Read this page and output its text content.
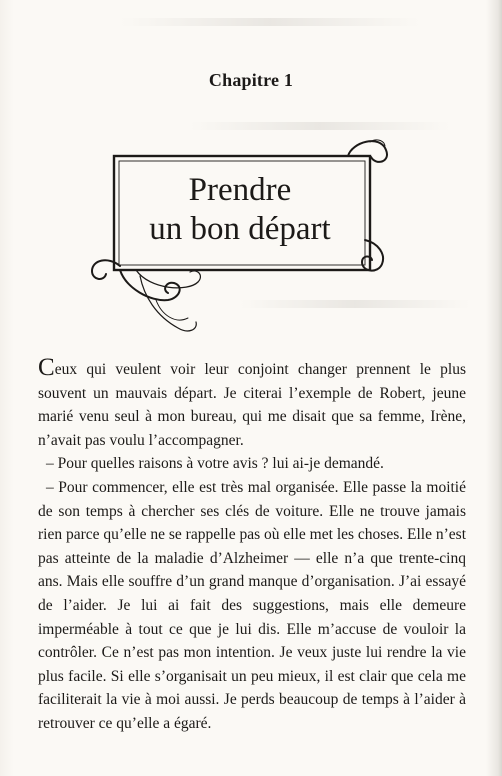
Chapitre 1
Prendre
un bon départ

Ceux qui veulent voir leur conjoint changer prennent le plus souvent un mauvais départ. Je citerai l’exemple de Robert, jeune marié venu seul à mon bureau, qui me disait que sa femme, Irène, n’avait pas voulu l’accompagner.

– Pour quelles raisons à votre avis ? lui ai-je demandé.

– Pour commencer, elle est très mal organisée. Elle passe la moitié de son temps à chercher ses clés de voiture. Elle ne trouve jamais rien parce qu’elle ne se rappelle pas où elle met les choses. Elle n’est pas atteinte de la maladie d’Alzheimer — elle n’a que trente-cinq ans. Mais elle souffre d’un grand manque d’organisation. J’ai essayé de l’aider. Je lui ai fait des suggestions, mais elle demeure imperméable à tout ce que je lui dis. Elle m’accuse de vouloir la contrôler. Ce n’est pas mon intention. Je veux juste lui rendre la vie plus facile. Si elle s’organisait un peu mieux, il est clair que cela me faciliterait la vie à moi aussi. Je perds beaucoup de temps à l’aider à retrouver ce qu’elle a égaré.
